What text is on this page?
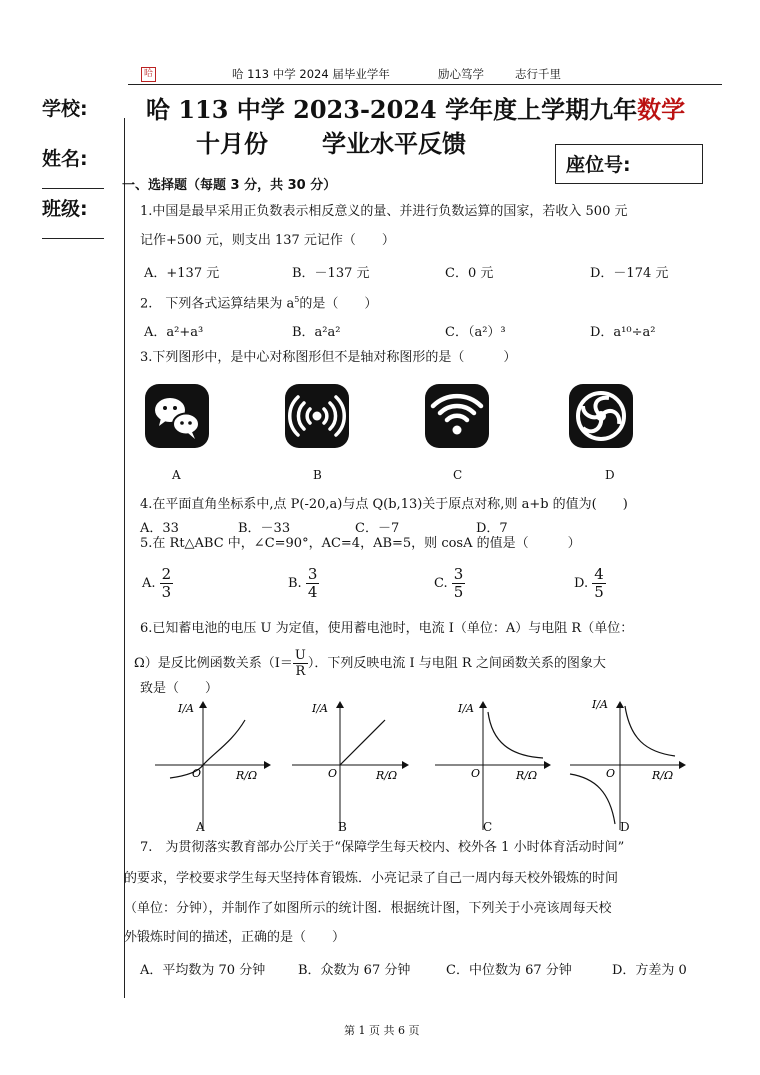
哈	哈 113 中学 2024 届毕业学年	励心笃学	志行千里
学校:
姓名:
班级:
哈 113 中学 2023-2024 学年度上学期九年数学
十月份 学业水平反馈
座位号:
一、选择题（每题 3 分，共 30 分）
1.中国是最早采用正负数表示相反意义的量、并进行负数运算的国家，若收入 500 元
记作+500 元，则支出 137 元记作（　　）
A．+137 元	B．－137 元	C．0 元	D．－174 元
2.　下列各式运算结果为 $a^5$的是（　　）
A．a²+a³	B．a²a²	C．（a²）³	D．a¹⁰÷a²
3.下列图形中，是中心对称图形但不是轴对称图形的是（　　　）
A	B	C	D
4.在平面直角坐标系中,点 P(-20,a)与点 Q(b,13)关于原点对称,则 a+b 的值为(　　)
A．33	B．－33	C．－7	D．7
5.在 Rt△ABC 中，∠C=90°，AC=4，AB=5，则 cosA 的值是（　　　）
A. $\frac{2}{3}$	B. $\frac{3}{4}$	C. $\frac{3}{5}$	D. $\frac{4}{5}$
6.已知蓄电池的电压 U 为定值，使用蓄电池时，电流 I（单位：A）与电阻 R（单位：
Ω）是反比例函数关系（$I= \frac{U}{R}$ ）．下列反映电流 I 与电阻 R 之间函数关系的图象大
致是（　　）
I/A
R/Ω
O
I/A
R/Ω
O
I/A
R/Ω
O
I/A
R/Ω
O
A	B	C	D
7.　为贯彻落实教育部办公厅关于“保障学生每天校内、校外各 1 小时体育活动时间”
的要求，学校要求学生每天坚持体育锻炼．小亮记录了自己一周内每天校外锻炼的时间
（单位：分钟），并制作了如图所示的统计图．根据统计图，下列关于小亮该周每天校
外锻炼时间的描述，正确的是（　　）
A．平均数为 70 分钟	B．众数为 67 分钟	C．中位数为 67 分钟	D．方差为 0
第 1 页 共 6 页
